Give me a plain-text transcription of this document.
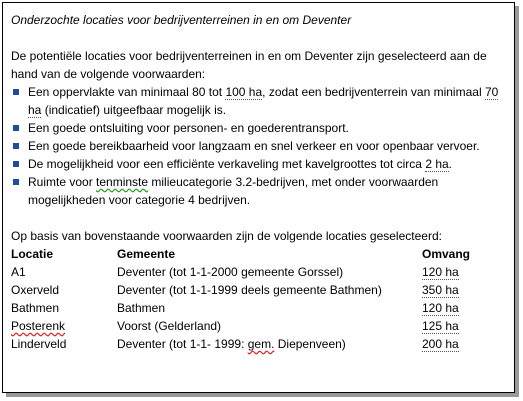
Onderzochte locaties voor bedrijventerreinen in en om Deventer

De potentiële locaties voor bedrijventerreinen in en om Deventer zijn geselecteerd aan de hand van de volgende voorwaarden:

Een oppervlakte van minimaal 80 tot 100 ha, zodat een bedrijventerrein van minimaal 70 ha (indicatief) uitgeefbaar mogelijk is.
Een goede ontsluiting voor personen- en goederentransport.
Een goede bereikbaarheid voor langzaam en snel verkeer en voor openbaar vervoer.
De mogelijkheid voor een efficiënte verkaveling met kavelgroottes tot circa 2 ha.
Ruimte voor tenminste milieucategorie 3.2-bedrijven, met onder voorwaarden mogelijkheden voor categorie 4 bedrijven.

Op basis van bovenstaande voorwaarden zijn de volgende locaties geselecteerd:

Locatie	Gemeente	Omvang
A1	Deventer (tot 1-1-2000 gemeente Gorssel)	120 ha
Oxerveld	Deventer (tot 1-1-1999 deels gemeente Bathmen)	350 ha
Bathmen	Bathmen	120 ha
Posterenk	Voorst (Gelderland)	125 ha
Linderveld	Deventer (tot 1-1- 1999: gem. Diepenveen)	200 ha
